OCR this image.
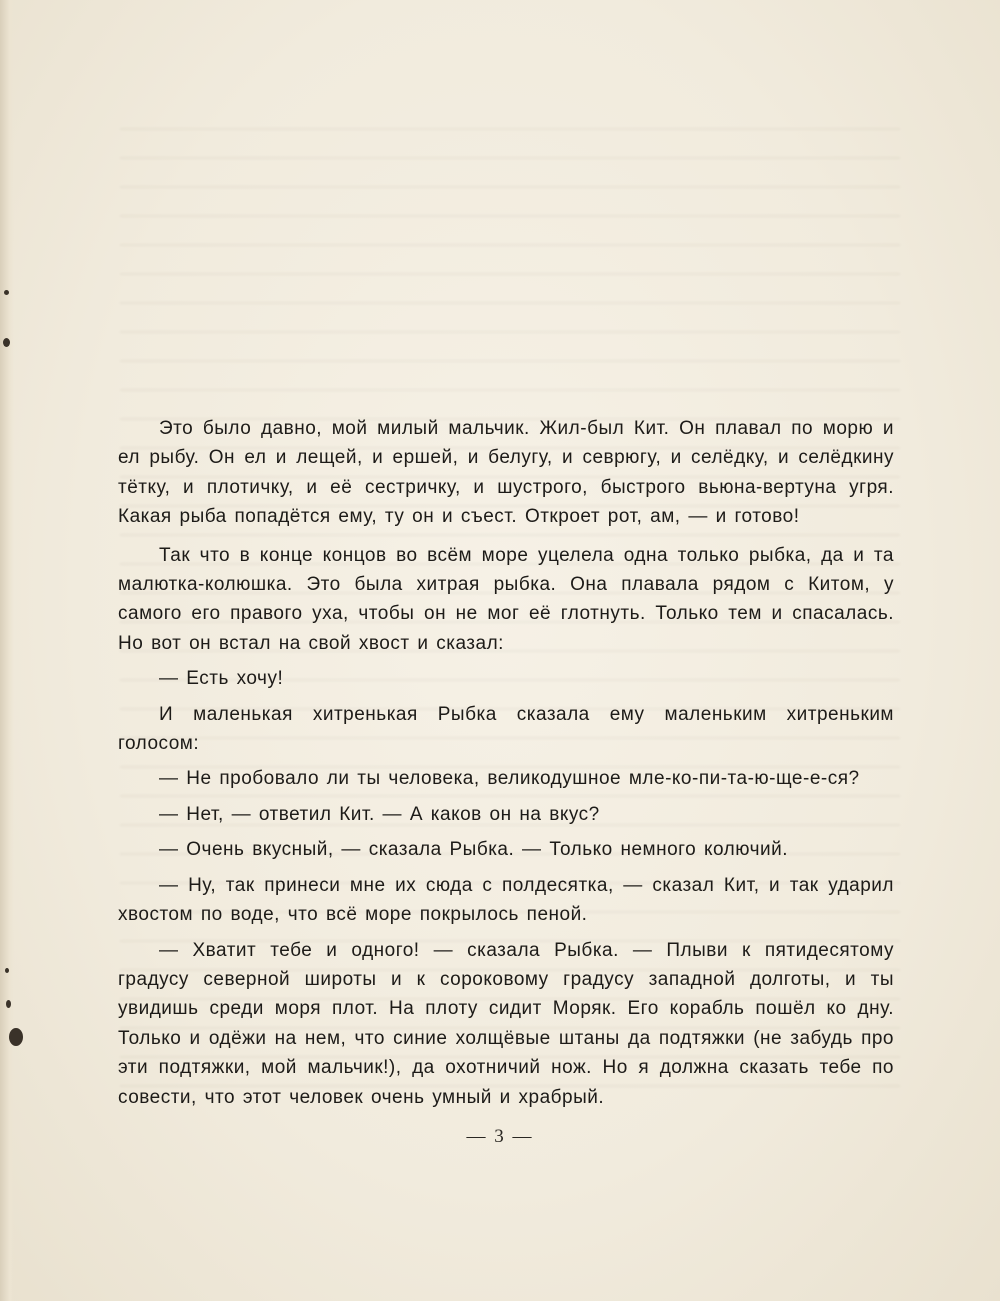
Это было давно, мой милый мальчик. Жил-был Кит. Он плавал по морю и ел рыбу. Он ел и лещей, и ершей, и белугу, и севрюгу, и селёдку, и селёдкину тётку, и плотичку, и её сестричку, и шустрого, быстрого вьюна-вертуна угря. Какая рыба попадётся ему, ту он и съест. Откроет рот, ам, — и готово!

Так что в конце концов во всём море уцелела одна только рыбка, да и та малютка-колюшка. Это была хитрая рыбка. Она плавала рядом с Китом, у самого его правого уха, чтобы он не мог её глотнуть. Только тем и спасалась. Но вот он встал на свой хвост и сказал:

— Есть хочу!

И маленькая хитренькая Рыбка сказала ему маленьким хитреньким голосом:

— Не пробовало ли ты человека, великодушное мле-ко-пи-та-ю-ще-е-ся?

— Нет, — ответил Кит. — А каков он на вкус?

— Очень вкусный, — сказала Рыбка. — Только немного колючий.

— Ну, так принеси мне их сюда с полдесятка, — сказал Кит, и так ударил хвостом по воде, что всё море покрылось пеной.

— Хватит тебе и одного! — сказала Рыбка. — Плыви к пятидесятому градусу северной широты и к сороковому градусу западной долготы, и ты увидишь среди моря плот. На плоту сидит Моряк. Его корабль пошёл ко дну. Только и одёжи на нем, что синие холщёвые штаны да подтяжки (не забудь про эти подтяжки, мой мальчик!), да охотничий нож. Но я должна сказать тебе по совести, что этот человек очень умный и храбрый.

— 3 —
